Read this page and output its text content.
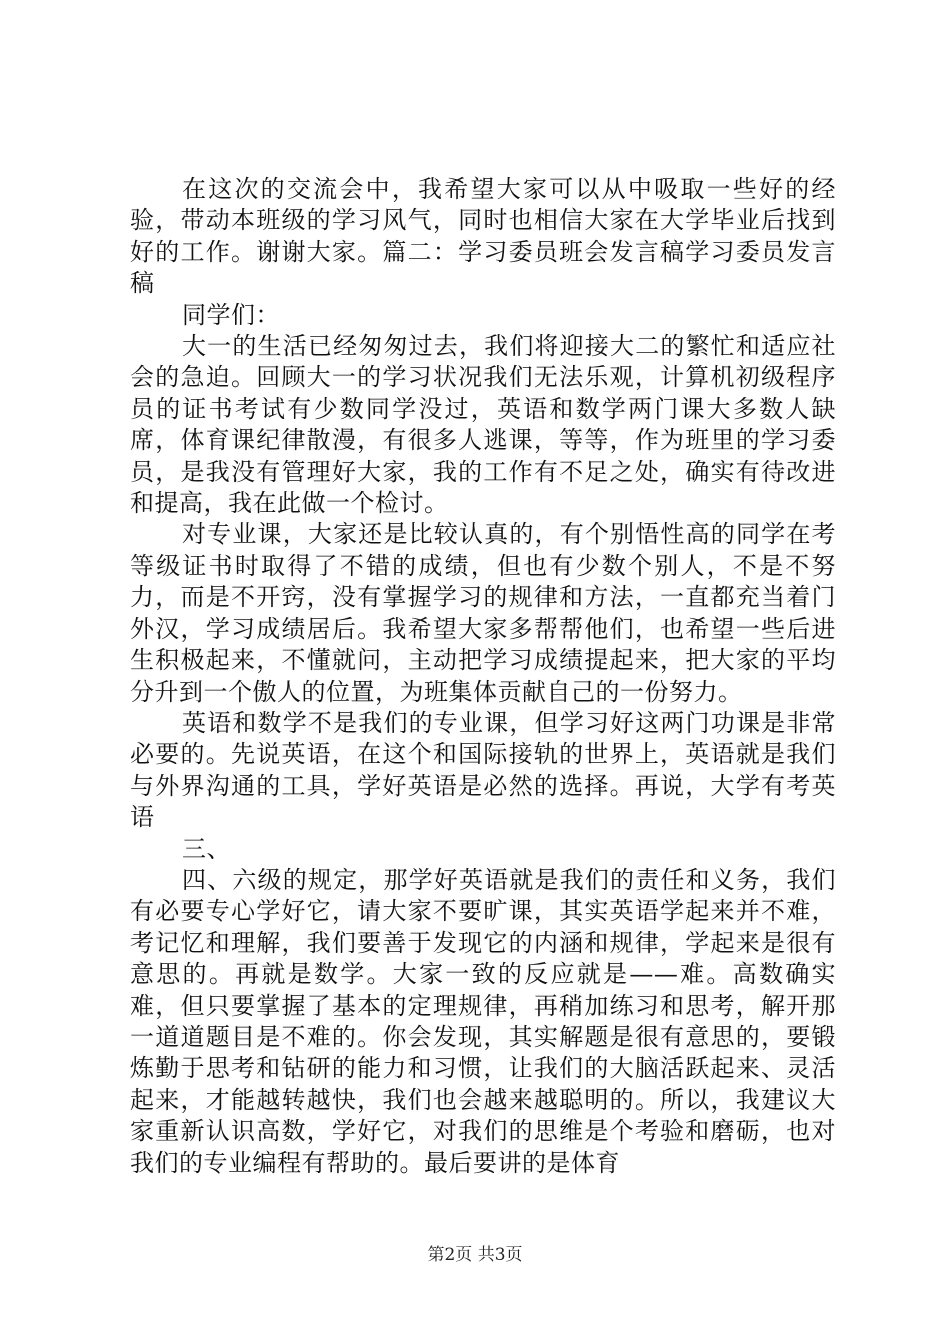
在这次的交流会中，我希望大家可以从中吸取一些好的经验，带动本班级的学习风气，同时也相信大家在大学毕业后找到好的工作。谢谢大家。篇二：学习委员班会发言稿学习委员发言稿

同学们：

大一的生活已经匆匆过去，我们将迎接大二的繁忙和适应社会的急迫。回顾大一的学习状况我们无法乐观，计算机初级程序员的证书考试有少数同学没过，英语和数学两门课大多数人缺席，体育课纪律散漫，有很多人逃课，等等，作为班里的学习委员，是我没有管理好大家，我的工作有不足之处，确实有待改进和提高，我在此做一个检讨。

对专业课，大家还是比较认真的，有个别悟性高的同学在考等级证书时取得了不错的成绩，但也有少数个别人，不是不努力，而是不开窍，没有掌握学习的规律和方法，一直都充当着门外汉，学习成绩居后。我希望大家多帮帮他们，也希望一些后进生积极起来，不懂就问，主动把学习成绩提起来，把大家的平均分升到一个傲人的位置，为班集体贡献自己的一份努力。

英语和数学不是我们的专业课，但学习好这两门功课是非常必要的。先说英语，在这个和国际接轨的世界上，英语就是我们与外界沟通的工具，学好英语是必然的选择。再说，大学有考英语

三、

四、六级的规定，那学好英语就是我们的责任和义务，我们有必要专心学好它，请大家不要旷课，其实英语学起来并不难，考记忆和理解，我们要善于发现它的内涵和规律，学起来是很有意思的。再就是数学。大家一致的反应就是——难。高数确实难，但只要掌握了基本的定理规律，再稍加练习和思考，解开那一道道题目是不难的。你会发现，其实解题是很有意思的，要锻炼勤于思考和钻研的能力和习惯，让我们的大脑活跃起来、灵活起来，才能越转越快，我们也会越来越聪明的。所以，我建议大家重新认识高数，学好它，对我们的思维是个考验和磨砺，也对我们的专业编程有帮助的。最后要讲的是体育

第2页 共3页
